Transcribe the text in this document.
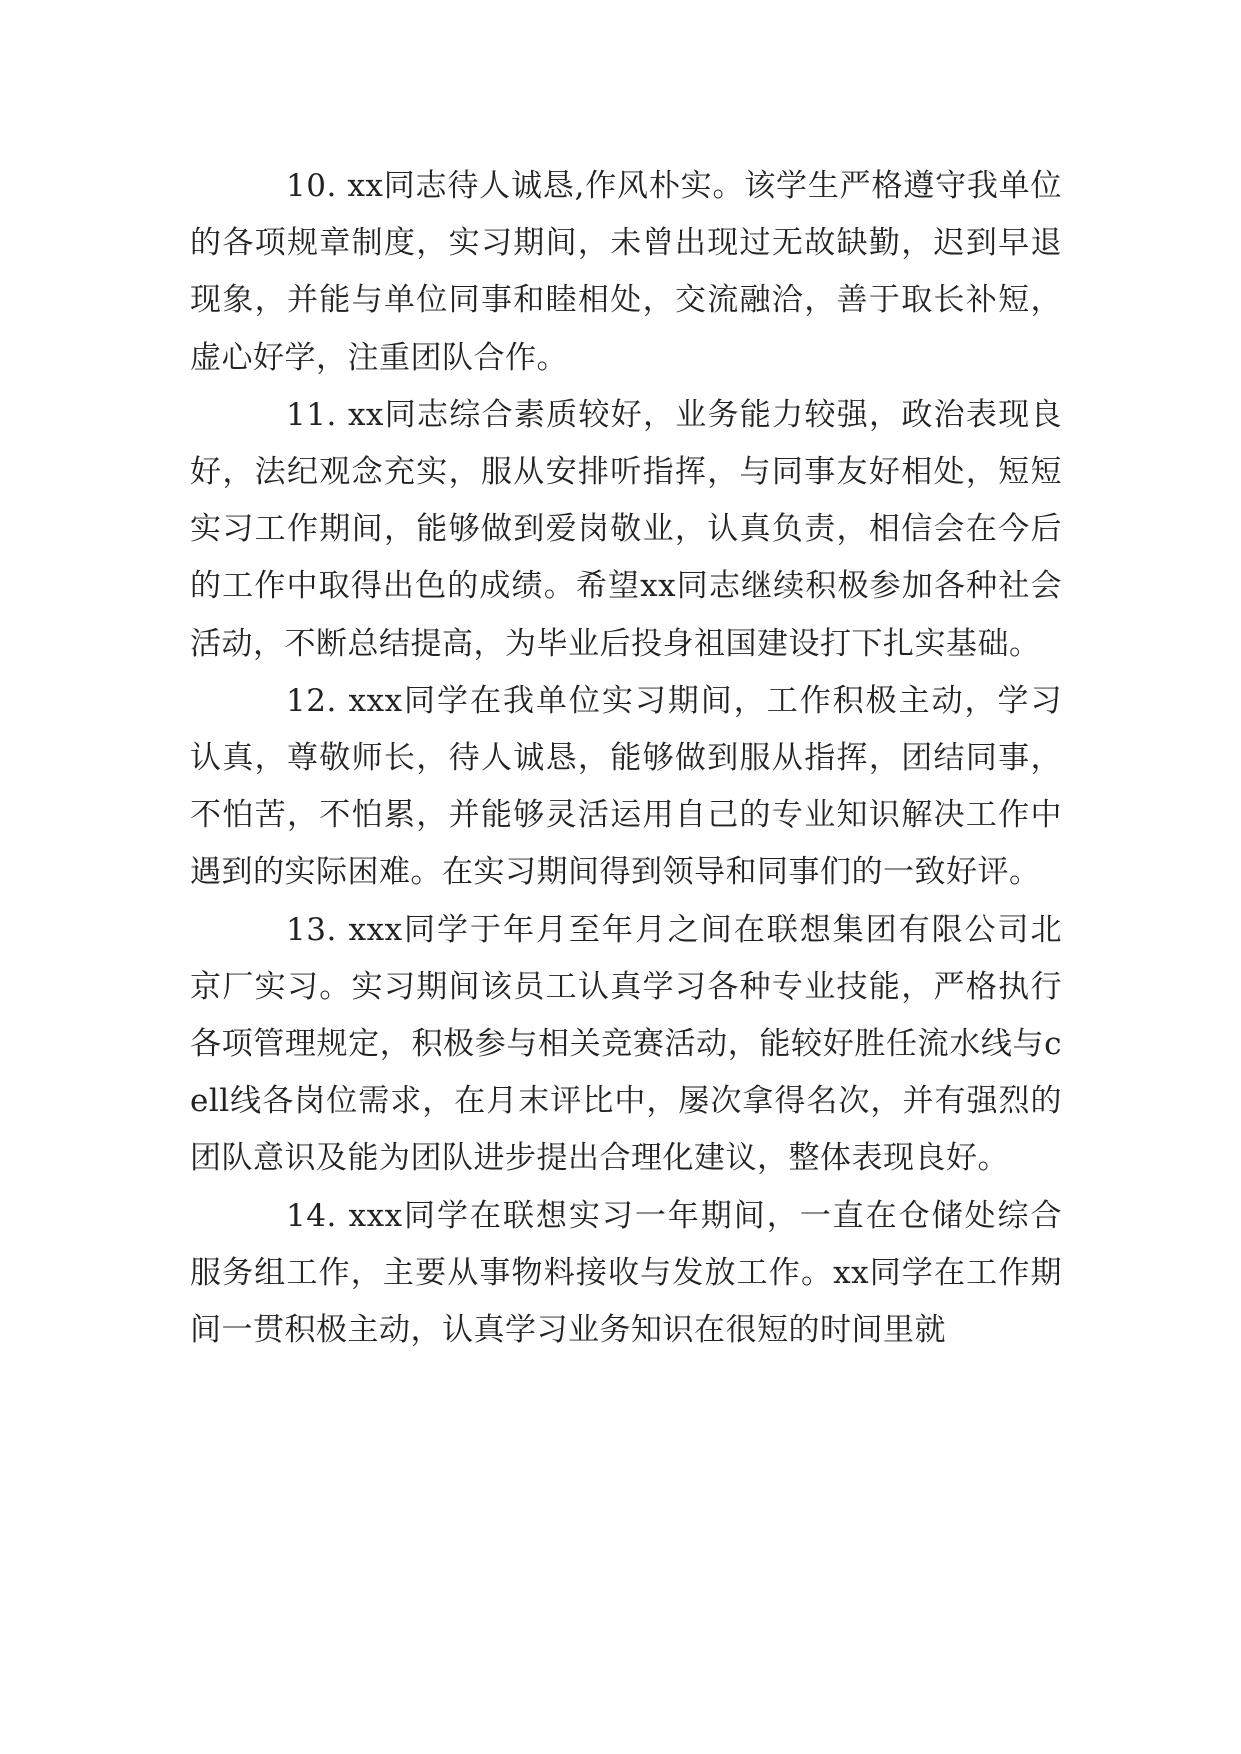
10. xx同志待人诚恳,作风朴实。该学生严格遵守我单位的各项规章制度，实习期间，未曾出现过无故缺勤，迟到早退现象，并能与单位同事和睦相处，交流融洽，善于取长补短，虚心好学，注重团队合作。

11. xx同志综合素质较好，业务能力较强，政治表现良好，法纪观念充实，服从安排听指挥，与同事友好相处，短短实习工作期间，能够做到爱岗敬业，认真负责，相信会在今后的工作中取得出色的成绩。希望xx同志继续积极参加各种社会活动，不断总结提高，为毕业后投身祖国建设打下扎实基础。

12. xxx同学在我单位实习期间，工作积极主动，学习认真，尊敬师长，待人诚恳，能够做到服从指挥，团结同事，不怕苦，不怕累，并能够灵活运用自己的专业知识解决工作中遇到的实际困难。在实习期间得到领导和同事们的一致好评。

13. xxx同学于年月至年月之间在联想集团有限公司北京厂实习。实习期间该员工认真学习各种专业技能，严格执行各项管理规定，积极参与相关竞赛活动，能较好胜任流水线与cell线各岗位需求，在月末评比中，屡次拿得名次，并有强烈的团队意识及能为团队进步提出合理化建议，整体表现良好。

14. xxx同学在联想实习一年期间，一直在仓储处综合服务组工作，主要从事物料接收与发放工作。xx同学在工作期间一贯积极主动，认真学习业务知识在很短的时间里就
